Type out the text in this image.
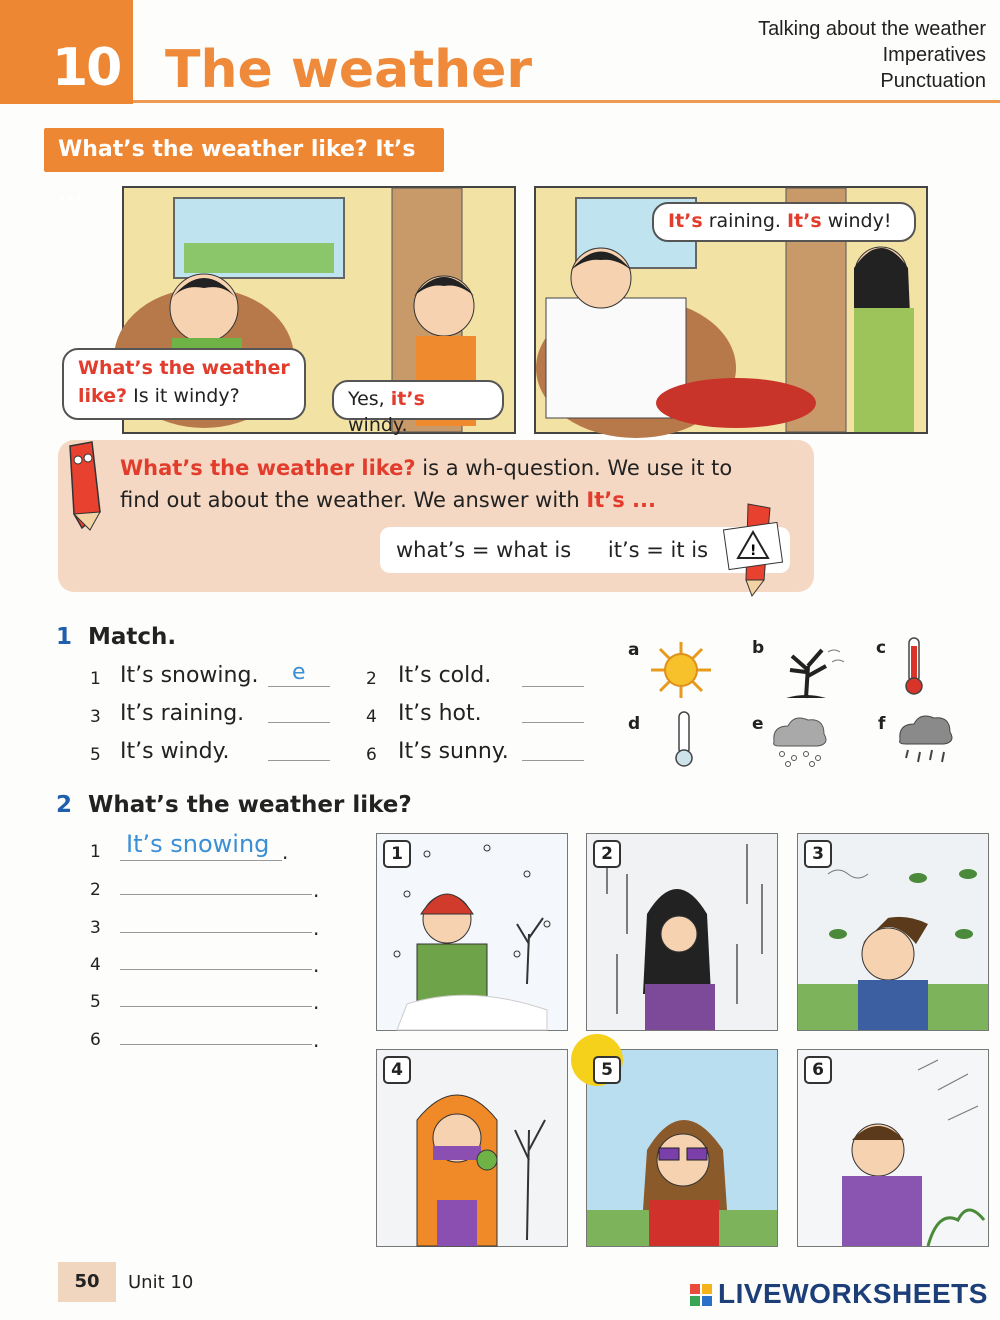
10 The weather
Talking about the weather
Imperatives
Punctuation
What’s the weather like? It’s ...
What’s the weather like? Is it windy?	Yes, it’s windy.
It’s raining. It’s windy!
What’s the weather like? is a wh-question. We use it to find out about the weather. We answer with It’s ...
what’s = what is it’s = it is	!
1 Match.
1 It’s snowing. e	2 It’s cold.
3 It’s raining.	4 It’s hot.
5 It’s windy.	6 It’s sunny.
a	b	c
d	e	f
2 What’s the weather like?
1 It’s snowing .
2	.
3	.
4	.
5	.
6	.
1	2	3
4	5	6
50	Unit 10	LIVEWORKSHEETS
